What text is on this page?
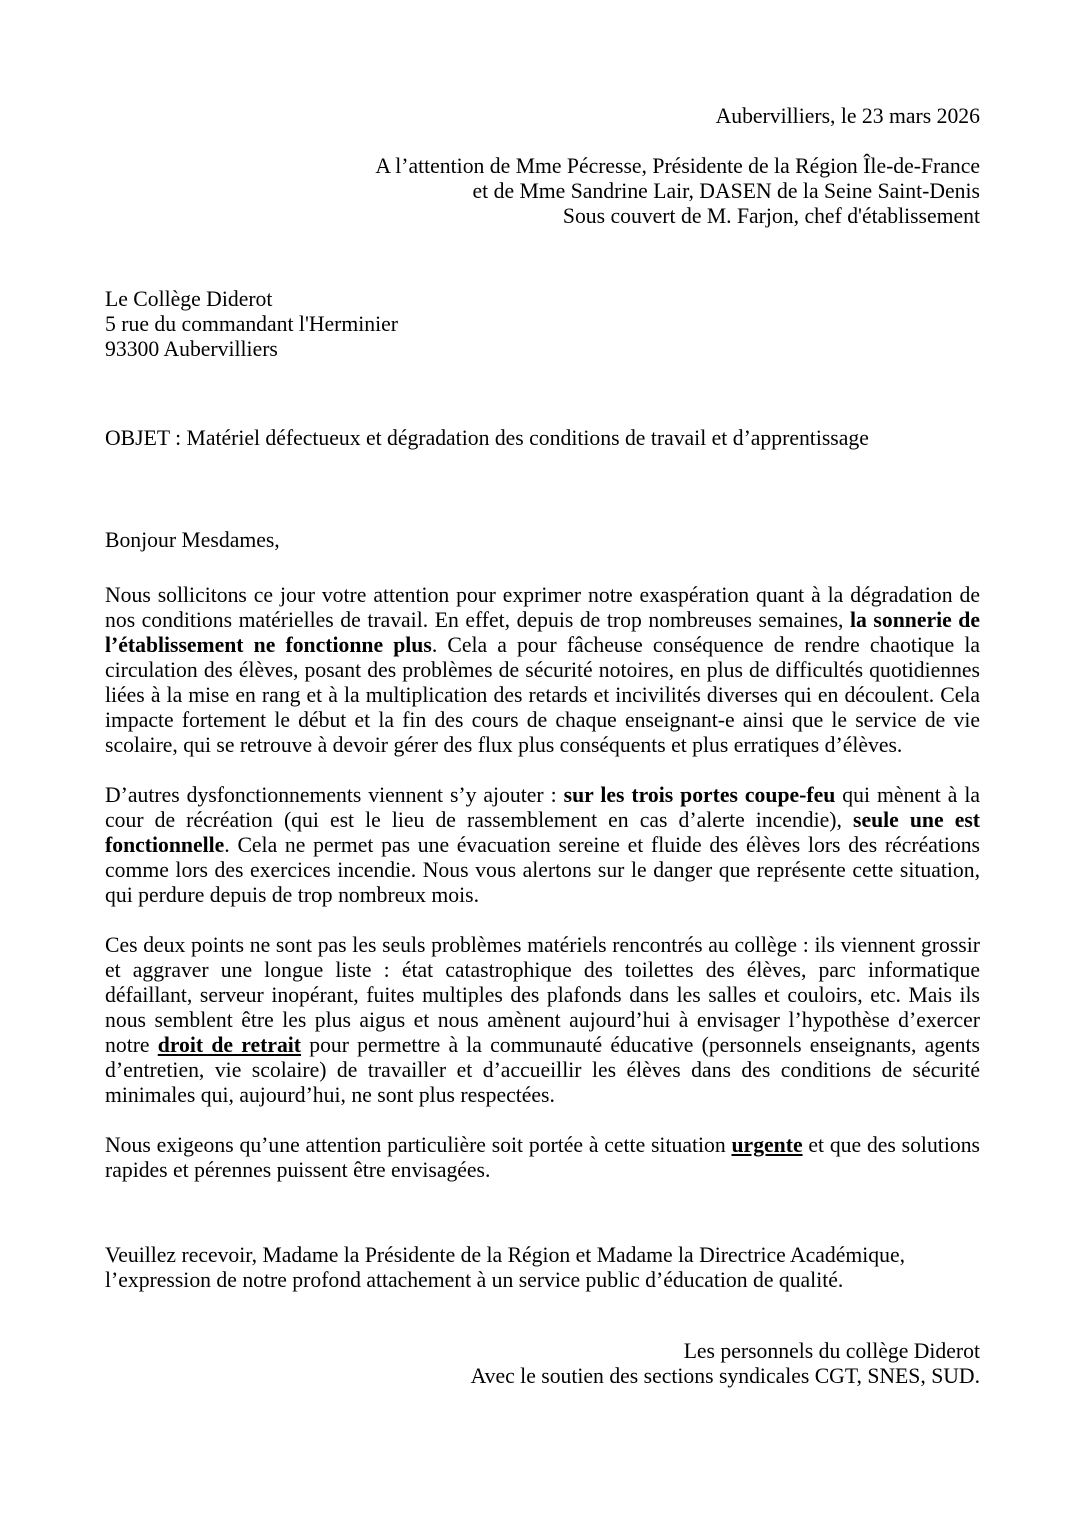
Aubervilliers, le 23 mars 2026
A l’attention de Mme Pécresse, Présidente de la Région Île-de-France
et de Mme Sandrine Lair, DASEN de la Seine Saint-Denis
Sous couvert de M. Farjon, chef d'établissement
Le Collège Diderot
5 rue du commandant l'Herminier
93300 Aubervilliers
OBJET : Matériel défectueux et dégradation des conditions de travail et d’apprentissage
Bonjour Mesdames,

Nous sollicitons ce jour votre attention pour exprimer notre exaspération quant à la dégradation de nos conditions matérielles de travail. En effet, depuis de trop nombreuses semaines, la sonnerie de l’établissement ne fonctionne plus. Cela a pour fâcheuse conséquence de rendre chaotique la circulation des élèves, posant des problèmes de sécurité notoires, en plus de difficultés quotidiennes liées à la mise en rang et à la multiplication des retards et incivilités diverses qui en découlent. Cela impacte fortement le début et la fin des cours de chaque enseignant-e ainsi que le service de vie scolaire, qui se retrouve à devoir gérer des flux plus conséquents et plus erratiques d’élèves.

D’autres dysfonctionnements viennent s’y ajouter : sur les trois portes coupe-feu qui mènent à la cour de récréation (qui est le lieu de rassemblement en cas d’alerte incendie), seule une est fonctionnelle. Cela ne permet pas une évacuation sereine et fluide des élèves lors des récréations comme lors des exercices incendie. Nous vous alertons sur le danger que représente cette situation, qui perdure depuis de trop nombreux mois.

Ces deux points ne sont pas les seuls problèmes matériels rencontrés au collège : ils viennent grossir et aggraver une longue liste : état catastrophique des toilettes des élèves, parc informatique défaillant, serveur inopérant, fuites multiples des plafonds dans les salles et couloirs, etc. Mais ils nous semblent être les plus aigus et nous amènent aujourd’hui à envisager l’hypothèse d’exercer notre droit de retrait pour permettre à la communauté éducative (personnels enseignants, agents d’entretien, vie scolaire) de travailler et d’accueillir les élèves dans des conditions de sécurité minimales qui, aujourd’hui, ne sont plus respectées.

Nous exigeons qu’une attention particulière soit portée à cette situation urgente et que des solutions rapides et pérennes puissent être envisagées.

Veuillez recevoir, Madame la Présidente de la Région et Madame la Directrice Académique, l’expression de notre profond attachement à un service public d’éducation de qualité.

Les personnels du collège Diderot
Avec le soutien des sections syndicales CGT, SNES, SUD.
